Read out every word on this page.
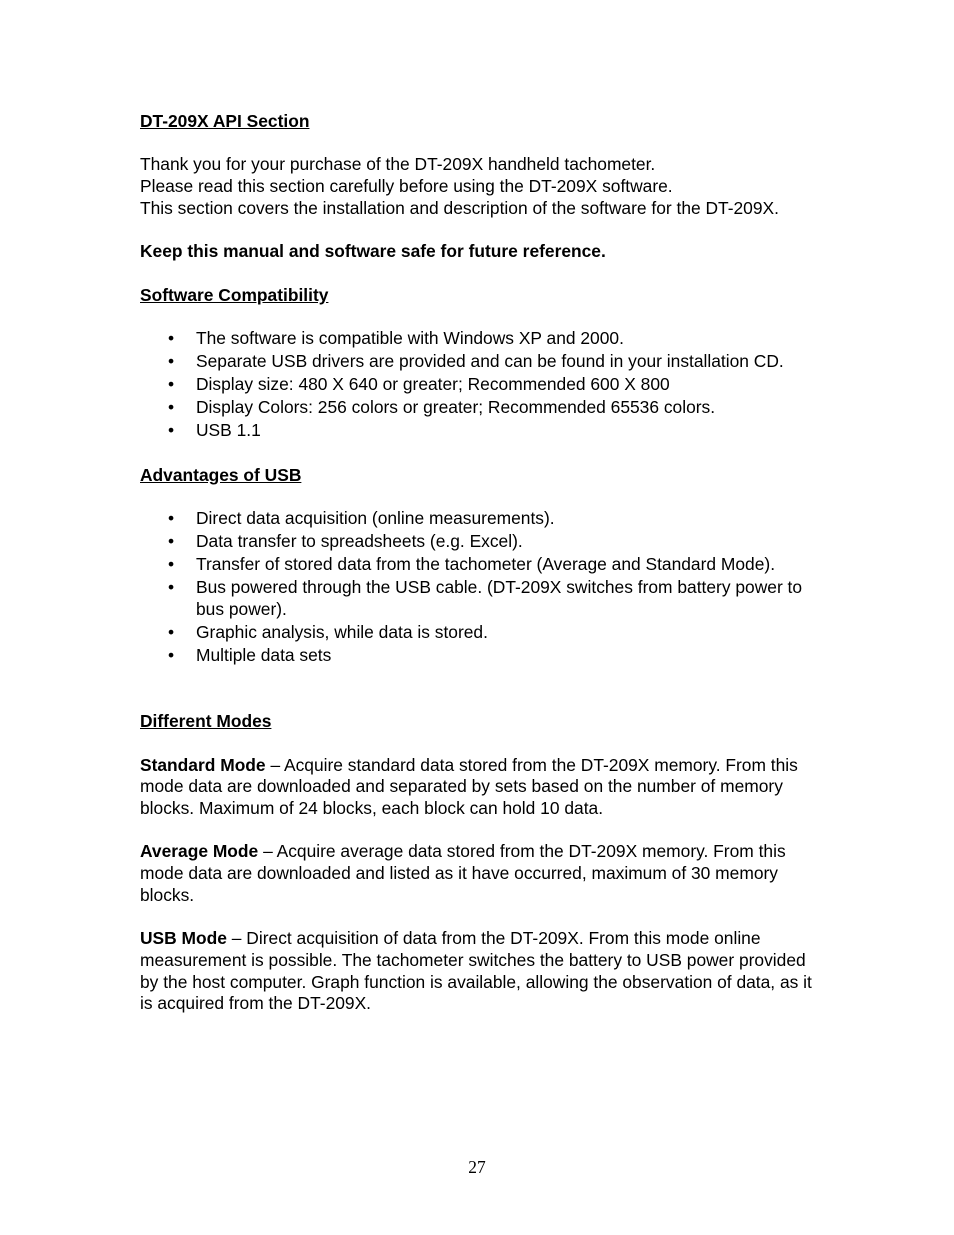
DT-209X API Section

Thank you for your purchase of the DT-209X handheld tachometer.
Please read this section carefully before using the DT-209X software.
This section covers the installation and description of the software for the DT-209X.

Keep this manual and software safe for future reference.

Software Compatibility

• The software is compatible with Windows XP and 2000.
• Separate USB drivers are provided and can be found in your installation CD.
• Display size: 480 X 640 or greater; Recommended 600 X 800
• Display Colors: 256 colors or greater; Recommended 65536 colors.
• USB 1.1

Advantages of USB

• Direct data acquisition (online measurements).
• Data transfer to spreadsheets (e.g. Excel).
• Transfer of stored data from the tachometer (Average and Standard Mode).
• Bus powered through the USB cable. (DT-209X switches from battery power to bus power).
• Graphic analysis, while data is stored.
• Multiple data sets

Different Modes

Standard Mode – Acquire standard data stored from the DT-209X memory. From this mode data are downloaded and separated by sets based on the number of memory blocks. Maximum of 24 blocks, each block can hold 10 data.

Average Mode – Acquire average data stored from the DT-209X memory. From this mode data are downloaded and listed as it have occurred, maximum of 30 memory blocks.

USB Mode – Direct acquisition of data from the DT-209X. From this mode online measurement is possible. The tachometer switches the battery to USB power provided by the host computer. Graph function is available, allowing the observation of data, as it is acquired from the DT-209X.

27
